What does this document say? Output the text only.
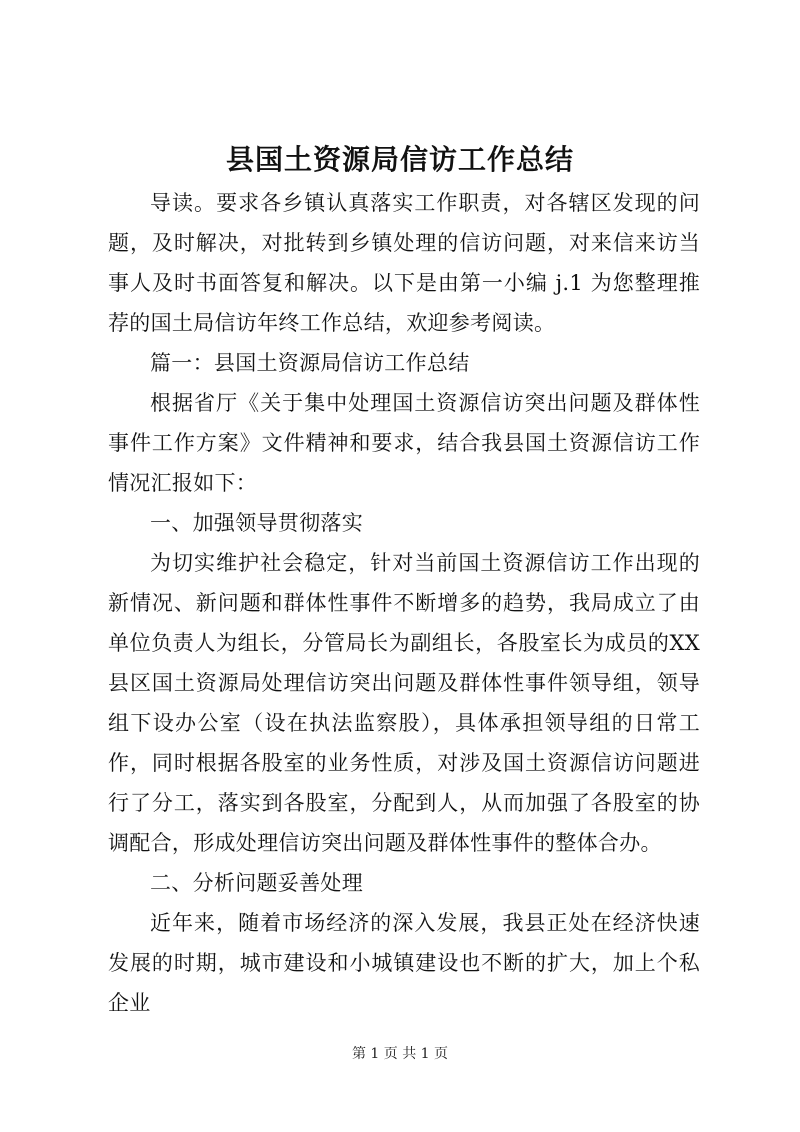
县国土资源局信访工作总结

导读。要求各乡镇认真落实工作职责，对各辖区发现的问题，及时解决，对批转到乡镇处理的信访问题，对来信来访当事人及时书面答复和解决。以下是由第一小编 j.1 为您整理推荐的国土局信访年终工作总结，欢迎参考阅读。

篇一：县国土资源局信访工作总结

根据省厅《关于集中处理国土资源信访突出问题及群体性事件工作方案》文件精神和要求，结合我县国土资源信访工作情况汇报如下：

一、加强领导贯彻落实

为切实维护社会稳定，针对当前国土资源信访工作出现的新情况、新问题和群体性事件不断增多的趋势，我局成立了由单位负责人为组长，分管局长为副组长，各股室长为成员的XX县区国土资源局处理信访突出问题及群体性事件领导组，领导组下设办公室（设在执法监察股），具体承担领导组的日常工作，同时根据各股室的业务性质，对涉及国土资源信访问题进行了分工，落实到各股室，分配到人，从而加强了各股室的协调配合，形成处理信访突出问题及群体性事件的整体合办。

二、分析问题妥善处理

近年来，随着市场经济的深入发展，我县正处在经济快速发展的时期，城市建设和小城镇建设也不断的扩大，加上个私企业

第 1 页 共 1 页
